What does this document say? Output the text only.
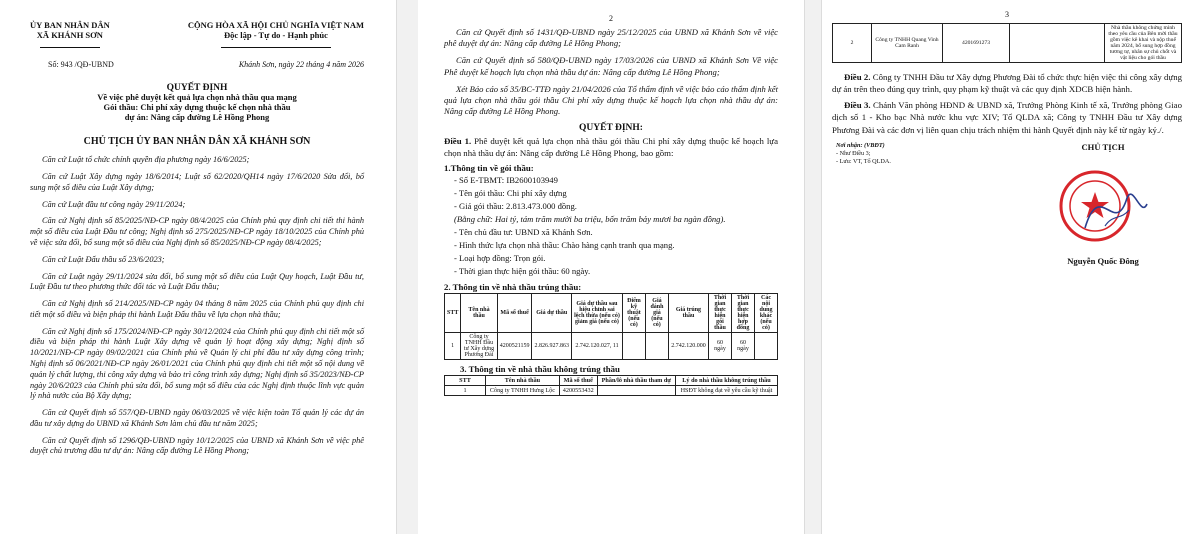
ỦY BAN NHÂN DÂN
XÃ KHÁNH SƠN
CỘNG HÒA XÃ HỘI CHỦ NGHĨA VIỆT NAM
Độc lập - Tự do - Hạnh phúc
Số: 943 /QĐ-UBND	Khánh Sơn, ngày 22 tháng 4 năm 2026
QUYẾT ĐỊNH
Về việc phê duyệt kết quả lựa chọn nhà thầu qua mạng
Gói thầu: Chi phí xây dựng thuộc kế chọn nhà thầu
dự án: Nâng cấp đường Lê Hồng Phong
CHỦ TỊCH ỦY BAN NHÂN DÂN XÃ KHÁNH SƠN

Căn cứ Luật tổ chức chính quyền địa phương ngày 16/6/2025;

Căn cứ Luật Xây dựng ngày 18/6/2014; Luật số 62/2020/QH14 ngày 17/6/2020 Sửa đổi, bổ sung một số điều của Luật Xây dựng;

Căn cứ Luật đầu tư công ngày 29/11/2024;

Căn cứ Nghị định số 85/2025/NĐ-CP ngày 08/4/2025 của Chính phủ quy định chi tiết thi hành một số điều của Luật Đầu tư công; Nghị định số 275/2025/NĐ-CP ngày 18/10/2025 của Chính phủ về việc sửa đổi, bổ sung một số điều của Nghị định số 85/2025/NĐ-CP ngày 08/4/2025;

Căn cứ Luật Đấu thầu số 23/6/2023;

Căn cứ Luật ngày 29/11/2024 sửa đổi, bổ sung một số điều của Luật Quy hoạch, Luật Đầu tư, Luật Đầu tư theo phương thức đối tác và Luật Đấu thầu;

Căn cứ Nghị định số 214/2025/NĐ-CP ngày 04 tháng 8 năm 2025 của Chính phủ quy định chi tiết một số điều và biện pháp thi hành Luật Đấu thầu về lựa chọn nhà thầu;

Căn cứ Nghị định số 175/2024/NĐ-CP ngày 30/12/2024 của Chính phủ quy định chi tiết một số điều và biện pháp thi hành Luật Xây dựng về quản lý hoạt động xây dựng; Nghị định số 10/2021/NĐ-CP ngày 09/02/2021 của Chính phủ về Quản lý chi phí đầu tư xây dựng công trình; Nghị định số 06/2021/NĐ-CP ngày 26/01/2021 của Chính phủ quy định chi tiết một số nội dung về quản lý chất lượng, thi công xây dựng và bảo trì công trình xây dựng; Nghị định số 35/2023/NĐ-CP ngày 20/6/2023 của Chính phủ sửa đổi, bổ sung một số điều của các Nghị định thuộc lĩnh vực quản lý nhà nước của Bộ Xây dựng;

Căn cứ Quyết định số 557/QĐ-UBND ngày 06/03/2025 về việc kiện toàn Tổ quản lý các dự án đầu tư xây dựng do UBND xã Khánh Sơn làm chủ đầu tư năm 2025;

Căn cứ Quyết định số 1296/QĐ-UBND ngày 10/12/2025 của UBND xã Khánh Sơn về việc phê duyệt chủ trương đầu tư dự án: Nâng cấp đường Lê Hồng Phong;

2

Căn cứ Quyết định số 1431/QĐ-UBND ngày 25/12/2025 của UBND xã Khánh Sơn về việc phê duyệt dự án: Nâng cấp đường Lê Hồng Phong;

Căn cứ Quyết định số 580/QĐ-UBND ngày 17/03/2026 của UBND xã Khánh Sơn Về việc Phê duyệt kế hoạch lựa chọn nhà thầu dự án: Nâng cấp đường Lê Hồng Phong;

Xét Báo cáo số 35/BC-TTĐ ngày 21/04/2026 của Tổ thẩm định về việc báo cáo thẩm định kết quả lựa chọn nhà thầu gói thầu Chi phí xây dựng thuộc kế hoạch lựa chọn nhà thầu dự án: Nâng cấp đường Lê Hồng Phong.

QUYẾT ĐỊNH:
Điều 1. Phê duyệt kết quả lựa chọn nhà thầu gói thầu Chi phí xây dựng thuộc kế hoạch lựa chọn nhà thầu dự án: Nâng cấp đường Lê Hồng Phong, bao gồm:
1.Thông tin về gói thầu:
- Số E-TBMT: IB2600103949
- Tên gói thầu: Chi phí xây dựng
- Giá gói thầu: 2.813.473.000 đồng.
(Bằng chữ: Hai tỷ, tám trăm mười ba triệu, bốn trăm bảy mươi ba ngàn đồng).
- Tên chủ đầu tư: UBND xã Khánh Sơn.
- Hình thức lựa chọn nhà thầu: Chào hàng cạnh tranh qua mạng.
- Loại hợp đồng: Trọn gói.
- Thời gian thực hiện gói thầu: 60 ngày.
2. Thông tin về nhà thầu trúng thầu:
STT	Tên nhà thầu	Mã số thuế	Giá dự thầu	Giá dự thầu sau hiệu chỉnh sai lệch thừa (nếu có) giảm giá (nếu có)	Điểm kỹ thuật (nếu có)	Giá đánh giá (nếu có)	Giá trúng thầu	Thời gian thực hiện gói thầu	Thời gian thực hiện hợp đồng	Các nội dung khác (nếu có)
1	Công ty TNHH Đầu tư Xây dựng Phương Đài	4200521159	2.826.927.863	2.742.120.027, 11			2.742.120.000	60 ngày	60 ngày	
3. Thông tin về nhà thầu không trúng thầu
STT	Tên nhà thầu	Mã số thuế	Phần/lô nhà thầu tham dự	Lý do nhà thầu không trúng thầu
1	Công ty TNHH Hưng Lộc	4200553432		HSĐT không đạt về yêu cầu kỹ thuật
3
2	Công ty TNHH Quang Vinh Cam Ranh	4201691273		Nhà thầu không chứng minh theo yêu cầu của Bên mời thầu gồm việc kê khai và nộp thuế năm 2024, bổ sung hợp đồng tương tự, nhân sự chủ chốt và vật liệu cho gói thầu
Điều 2. Công ty TNHH Đầu tư Xây dựng Phương Đài tổ chức thực hiện việc thi công xây dựng dự án trên theo đúng quy trình, quy phạm kỹ thuật và các quy định XDCB hiện hành.
Điều 3. Chánh Văn phòng HĐND & UBND xã, Trưởng Phòng Kinh tế xã, Trưởng phòng Giao dịch số 1 - Kho bạc Nhà nước khu vực XIV; Tổ QLDA xã; Công ty TNHH Đầu tư Xây dựng Phương Đài và các đơn vị liên quan chịu trách nhiệm thi hành Quyết định này kể từ ngày ký./.
Nơi nhận: (VBĐT)
- Như Điều 3;
- Lưu: VT, Tổ QLDA.
CHỦ TỊCH
Nguyễn Quốc Đông
